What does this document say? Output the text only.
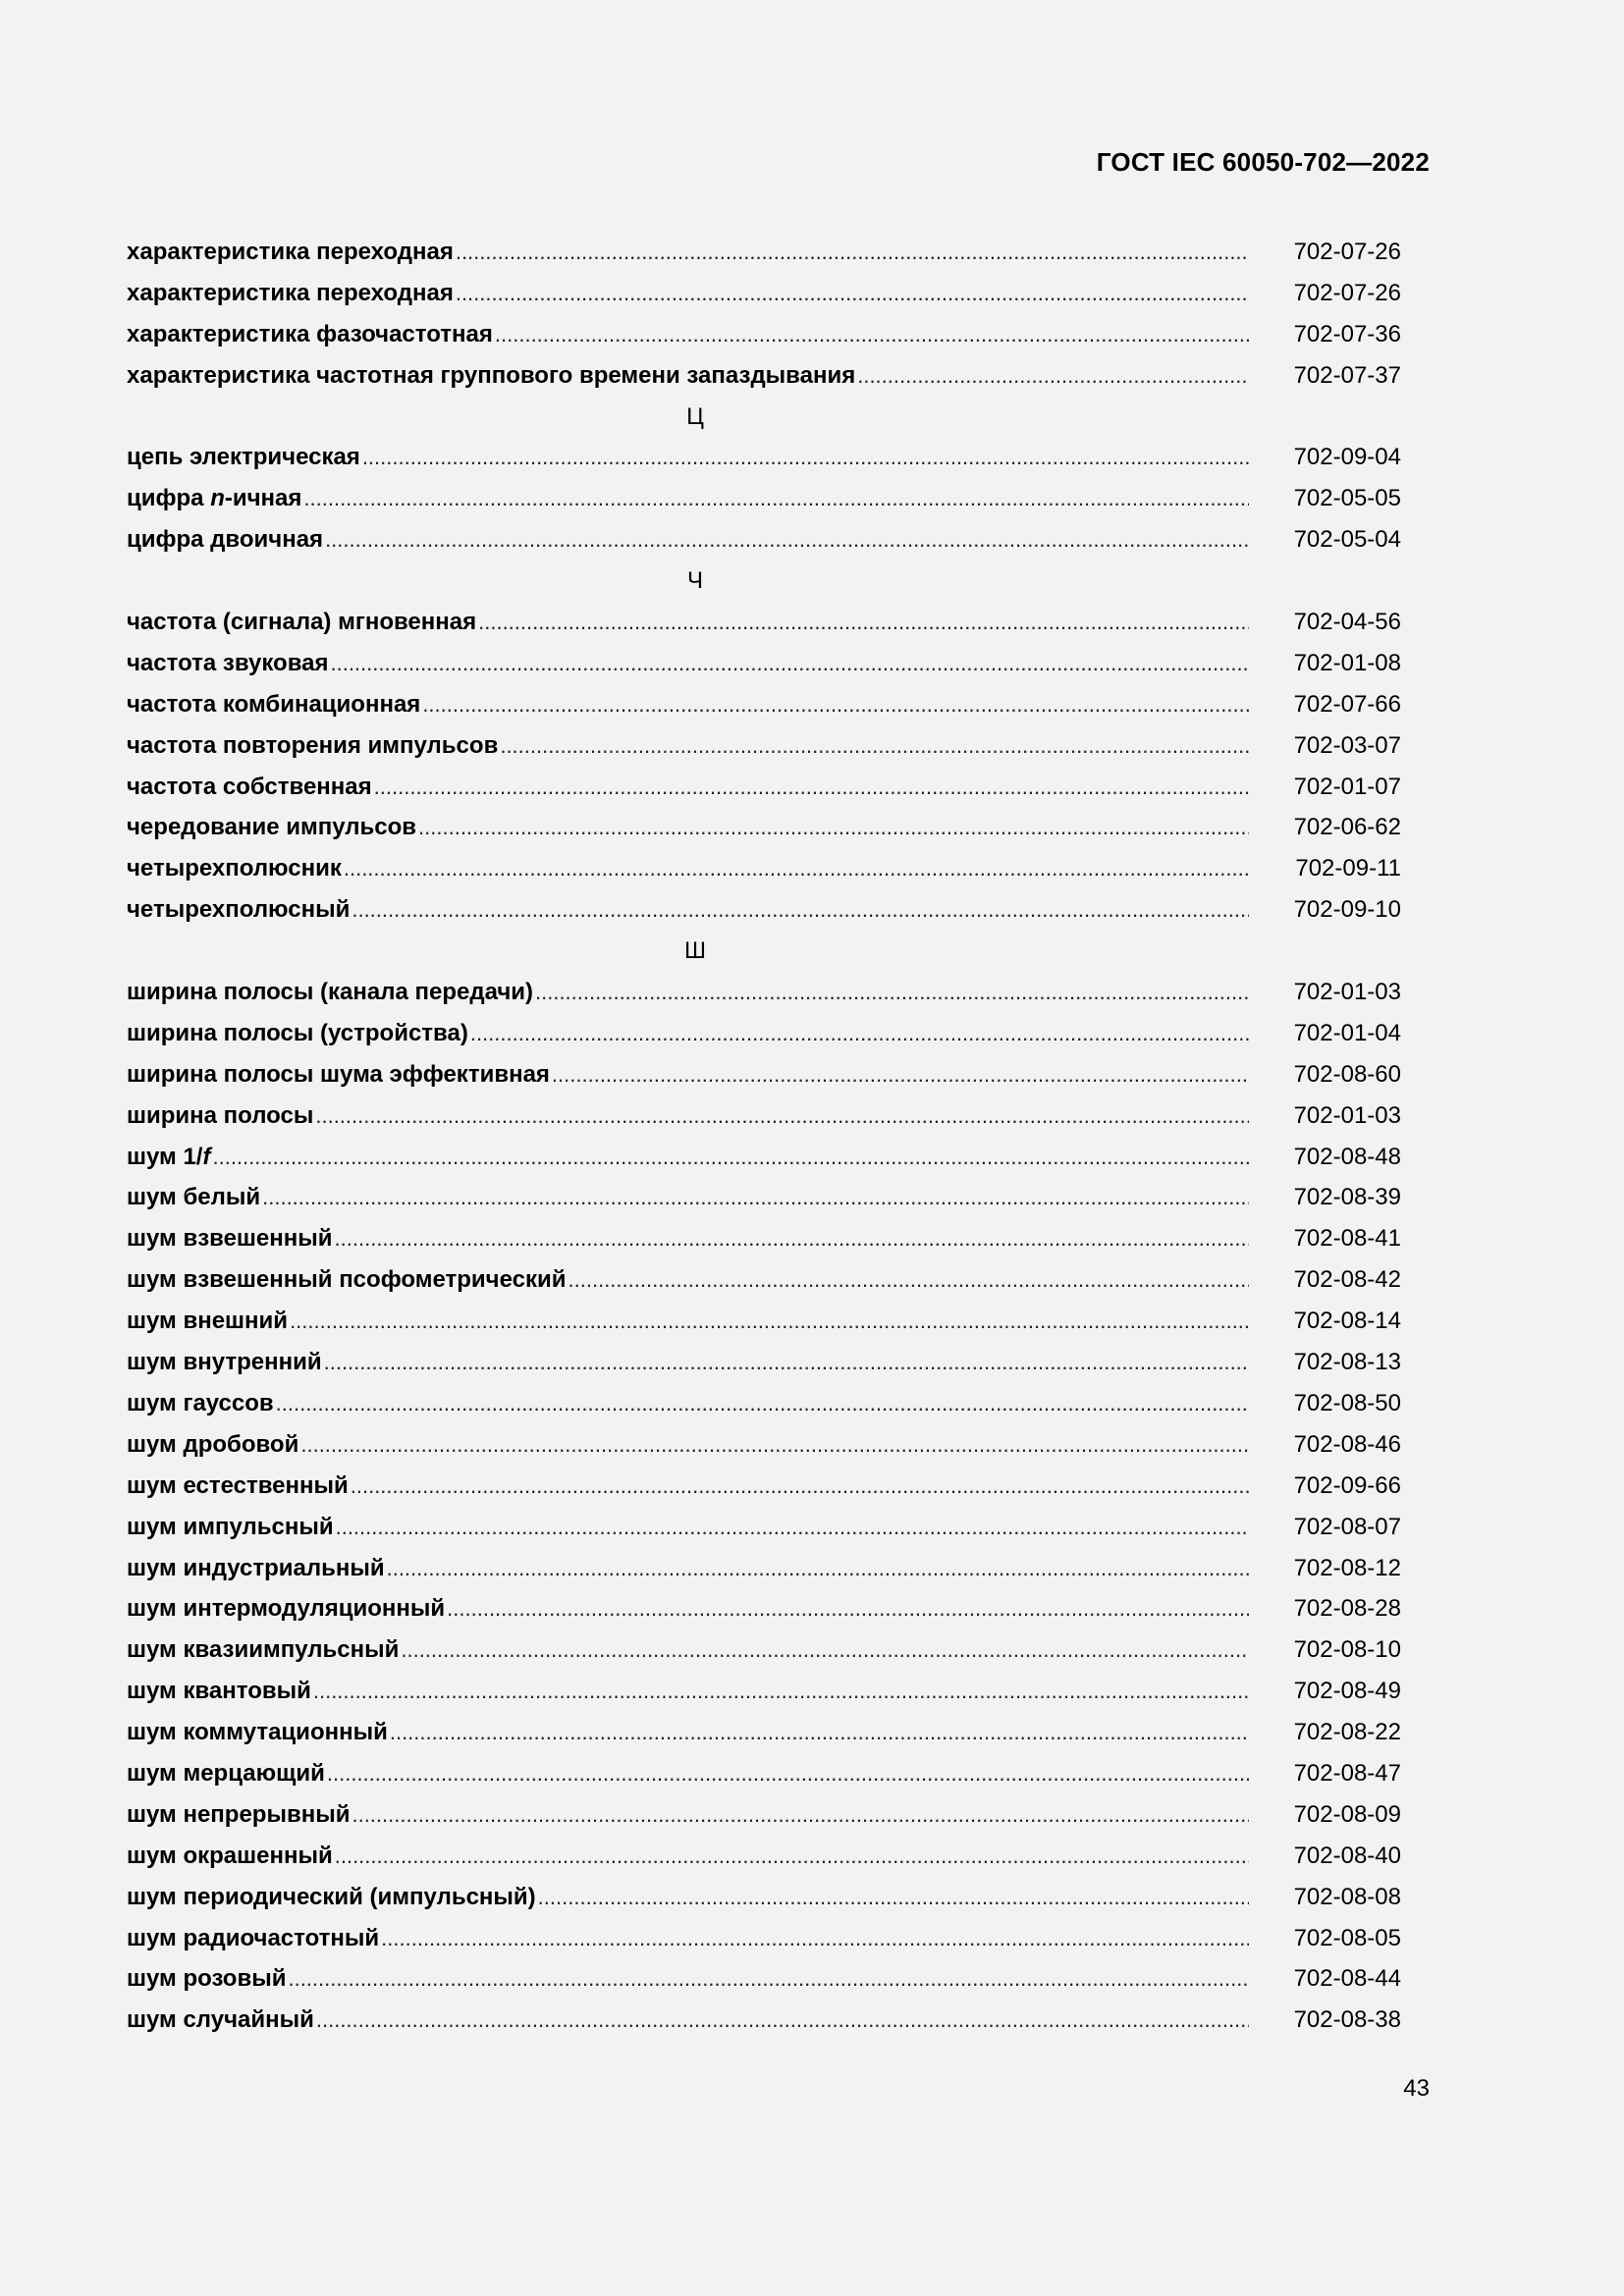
ГОСТ IEC 60050-702—2022
характеристика переходная .....	702-07-26
характеристика переходная .....	702-07-26
характеристика фазочастотная .....	702-07-36
характеристика частотная группового времени запаздывания .....	702-07-37
Ц
цепь электрическая .....	702-09-04
цифра n-ичная .....	702-05-05
цифра двоичная .....	702-05-04
Ч
частота (сигнала) мгновенная .....	702-04-56
частота звуковая .....	702-01-08
частота комбинационная .....	702-07-66
частота повторения импульсов .....	702-03-07
частота собственная .....	702-01-07
чередование импульсов .....	702-06-62
четырехполюсник .....	702-09-11
четырехполюсный .....	702-09-10
Ш
ширина полосы (канала передачи) .....	702-01-03
ширина полосы (устройства) .....	702-01-04
ширина полосы шума эффективная .....	702-08-60
ширина полосы .....	702-01-03
шум 1/f .....	702-08-48
шум белый .....	702-08-39
шум взвешенный .....	702-08-41
шум взвешенный псофометрический .....	702-08-42
шум внешний .....	702-08-14
шум внутренний .....	702-08-13
шум гауссов .....	702-08-50
шум дробовой .....	702-08-46
шум естественный .....	702-09-66
шум импульсный .....	702-08-07
шум индустриальный .....	702-08-12
шум интермодуляционный .....	702-08-28
шум квазиимпульсный .....	702-08-10
шум квантовый .....	702-08-49
шум коммутационный .....	702-08-22
шум мерцающий .....	702-08-47
шум непрерывный .....	702-08-09
шум окрашенный .....	702-08-40
шум периодический (импульсный) .....	702-08-08
шум радиочастотный .....	702-08-05
шум розовый .....	702-08-44
шум случайный .....	702-08-38
43
